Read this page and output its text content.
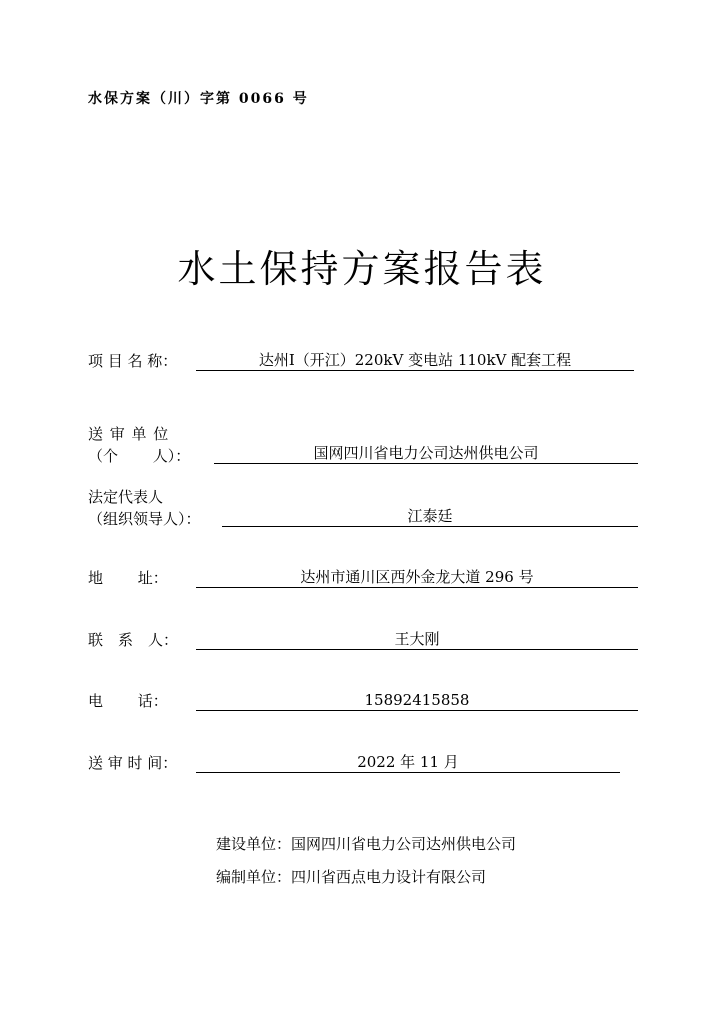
水保方案（川）字第 0066 号
水土保持方案报告表
项 目 名 称：	达州Ⅰ（开江）220kV 变电站 110kV 配套工程
送 审 单 位
（个　　 人）：	国网四川省电力公司达州供电公司
法定代表人
（组织领导人）：	江泰廷
地　　 址：	达州市通川区西外金龙大道 296 号
联　系　人：	王大刚
电　　 话：	15892415858
送 审 时 间：	2022 年 11 月
建设单位：国网四川省电力公司达州供电公司
编制单位：四川省西点电力设计有限公司
